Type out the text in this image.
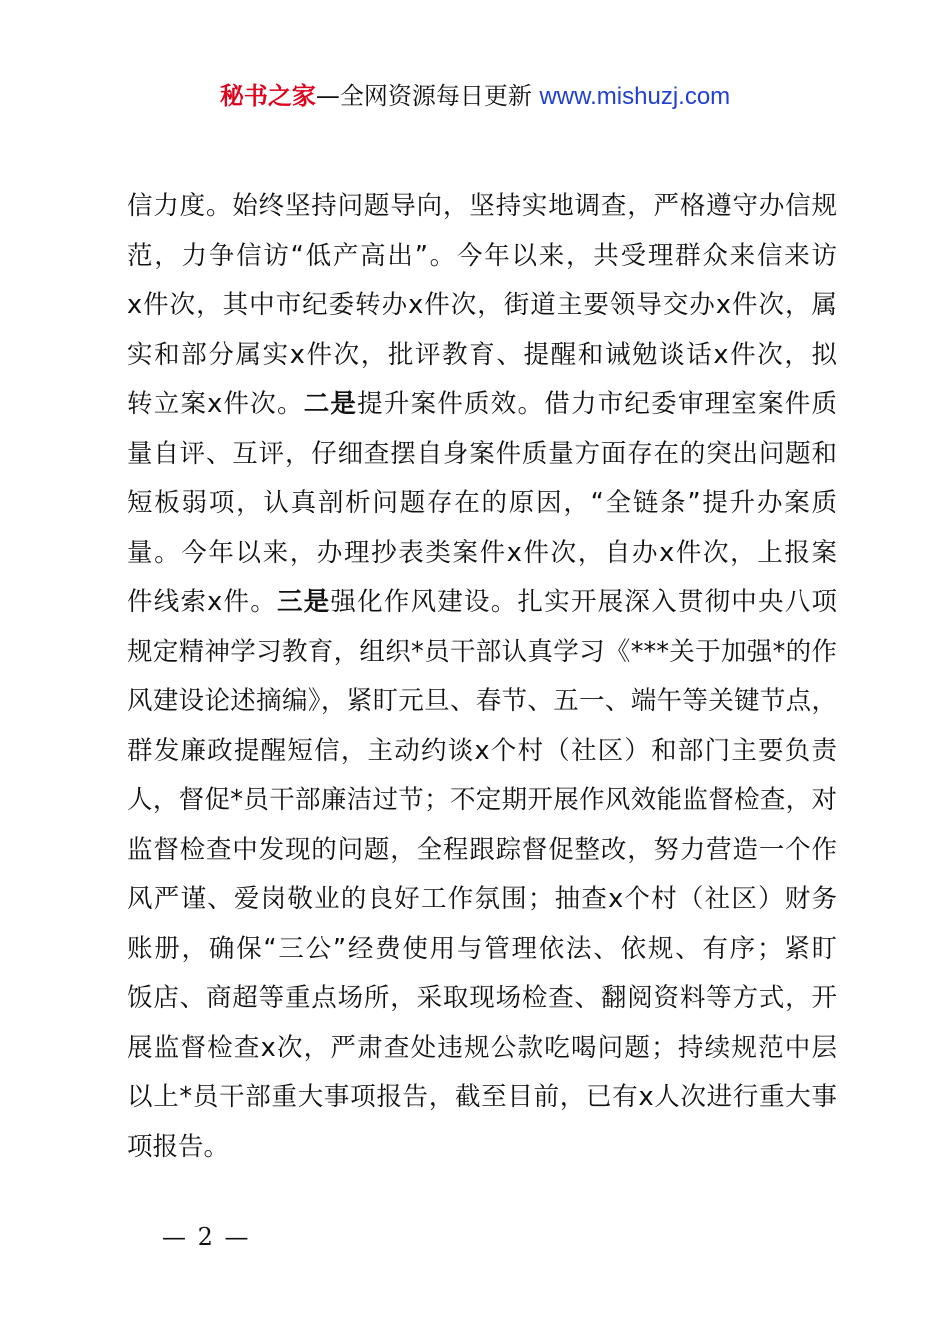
秘书之家—全网资源每日更新 www.mishuzj.com
信力度。始终坚持问题导向，坚持实地调查，严格遵守办信规
范，力争信访“低产高出”。今年以来，共受理群众来信来访
x件次，其中市纪委转办x件次，街道主要领导交办x件次，属
实和部分属实x件次，批评教育、提醒和诫勉谈话x件次，拟
转立案x件次。二是提升案件质效。借力市纪委审理室案件质
量自评、互评，仔细查摆自身案件质量方面存在的突出问题和
短板弱项，认真剖析问题存在的原因，“全链条”提升办案质
量。今年以来，办理抄表类案件x件次，自办x件次，上报案
件线索x件。三是强化作风建设。扎实开展深入贯彻中央八项
规定精神学习教育，组织*员干部认真学习《***关于加强*的作
风建设论述摘编》，紧盯元旦、春节、五一、端午等关键节点，
群发廉政提醒短信，主动约谈x个村（社区）和部门主要负责
人，督促*员干部廉洁过节；不定期开展作风效能监督检查，对
监督检查中发现的问题，全程跟踪督促整改，努力营造一个作
风严谨、爱岗敬业的良好工作氛围；抽查x个村（社区）财务
账册，确保“三公”经费使用与管理依法、依规、有序；紧盯
饭店、商超等重点场所，采取现场检查、翻阅资料等方式，开
展监督检查x次，严肃查处违规公款吃喝问题；持续规范中层
以上*员干部重大事项报告，截至目前，已有x人次进行重大事
项报告。
— 2 —
